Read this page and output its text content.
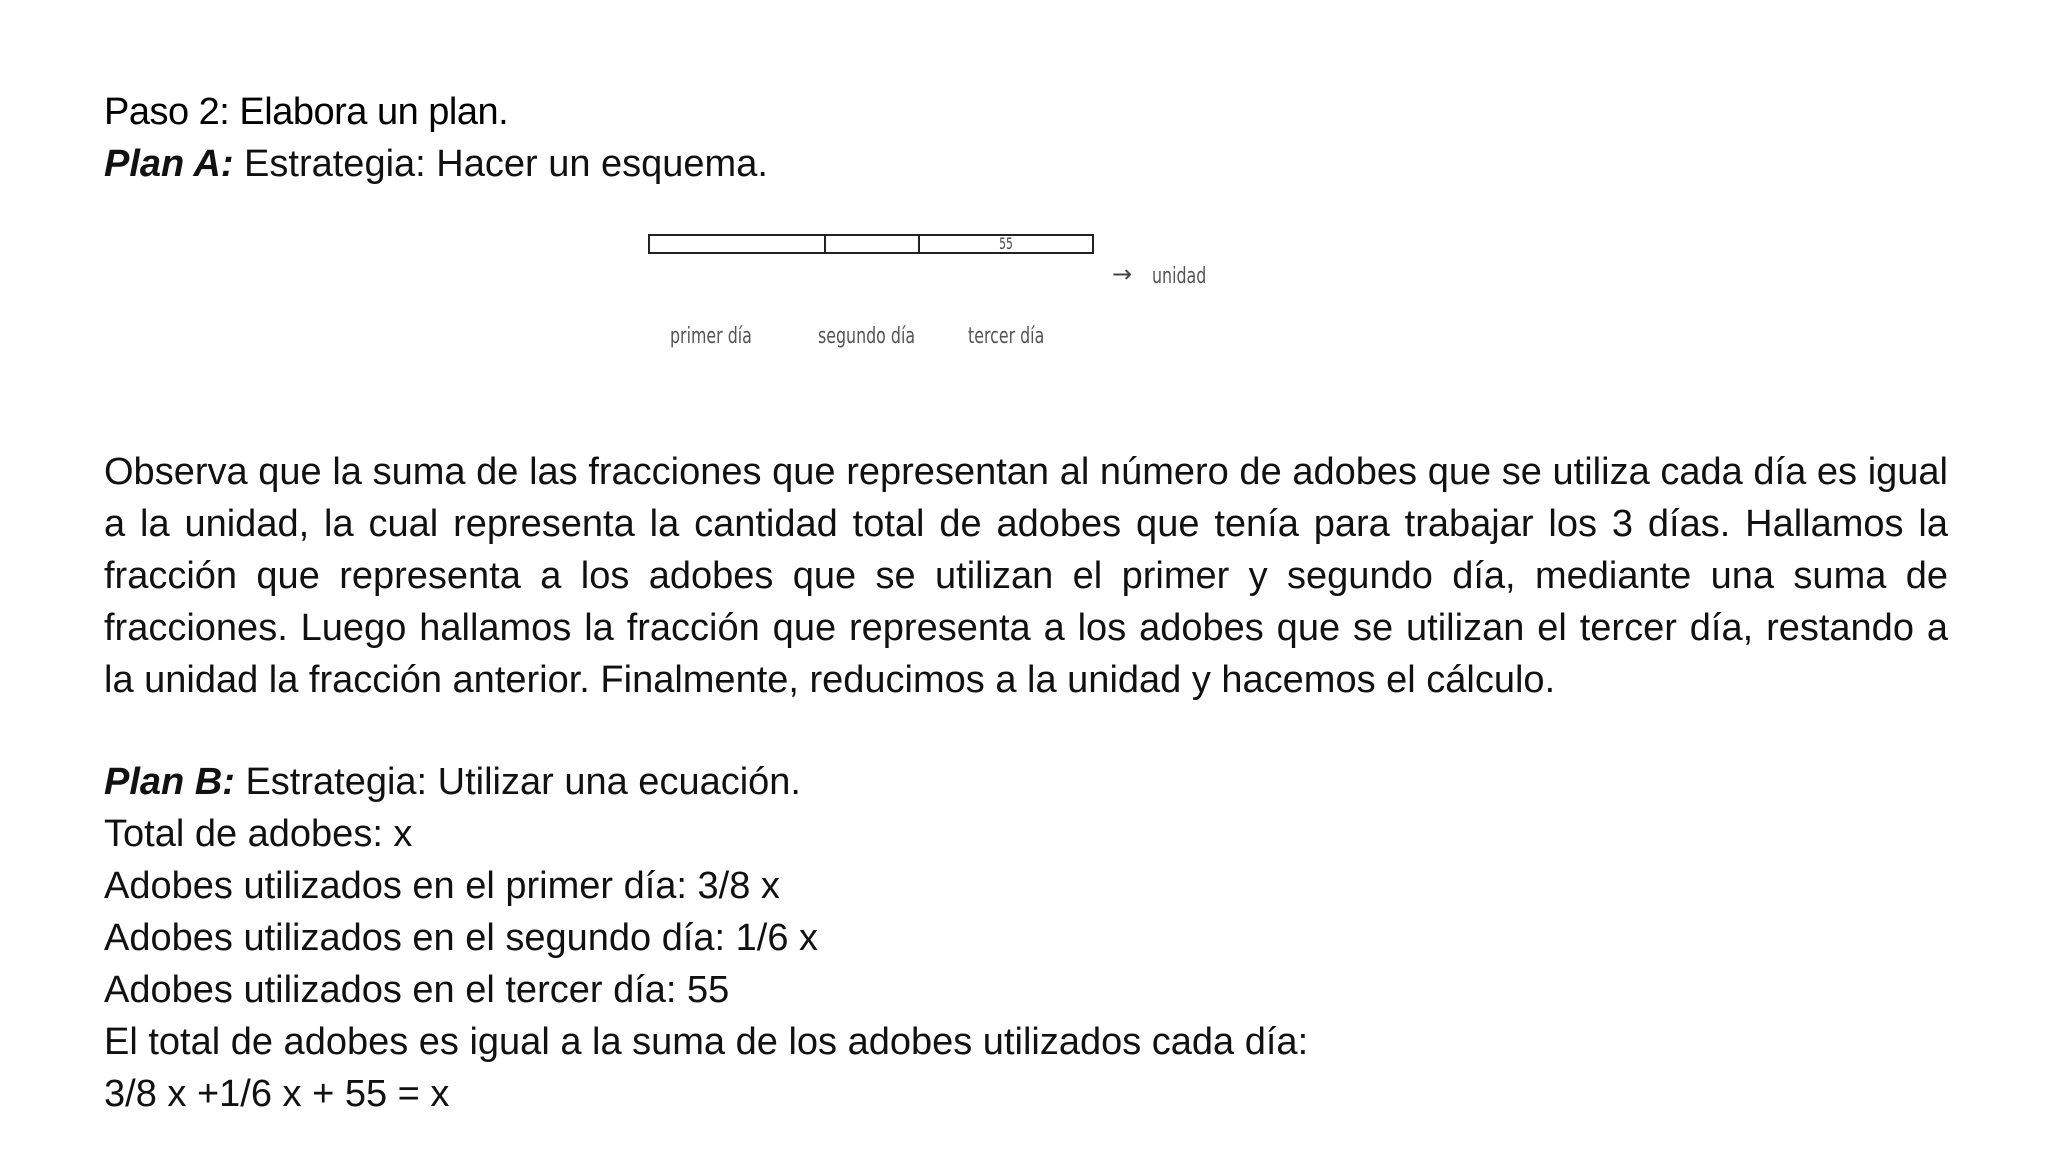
Paso 2: Elabora un plan.
Plan A: Estrategia: Hacer un esquema.
55
→ unidad
primer día	segundo día tercer día

Observa que la suma de las fracciones que representan al número de adobes que se utiliza cada día es igual a la unidad, la cual representa la cantidad total de adobes que tenía para trabajar los 3 días. Hallamos la fracción que representa a los adobes que se utilizan el primer y segundo día, mediante una suma de fracciones. Luego hallamos la fracción que representa a los adobes que se utilizan el tercer día, restando a la unidad la fracción anterior. Finalmente, reducimos a la unidad y hacemos el cálculo.

Plan B: Estrategia: Utilizar una ecuación.
Total de adobes: x
Adobes utilizados en el primer día: 3/8 x
Adobes utilizados en el segundo día: 1/6 x
Adobes utilizados en el tercer día: 55
El total de adobes es igual a la suma de los adobes utilizados cada día:
3/8 x +1/6 x + 55 = x
